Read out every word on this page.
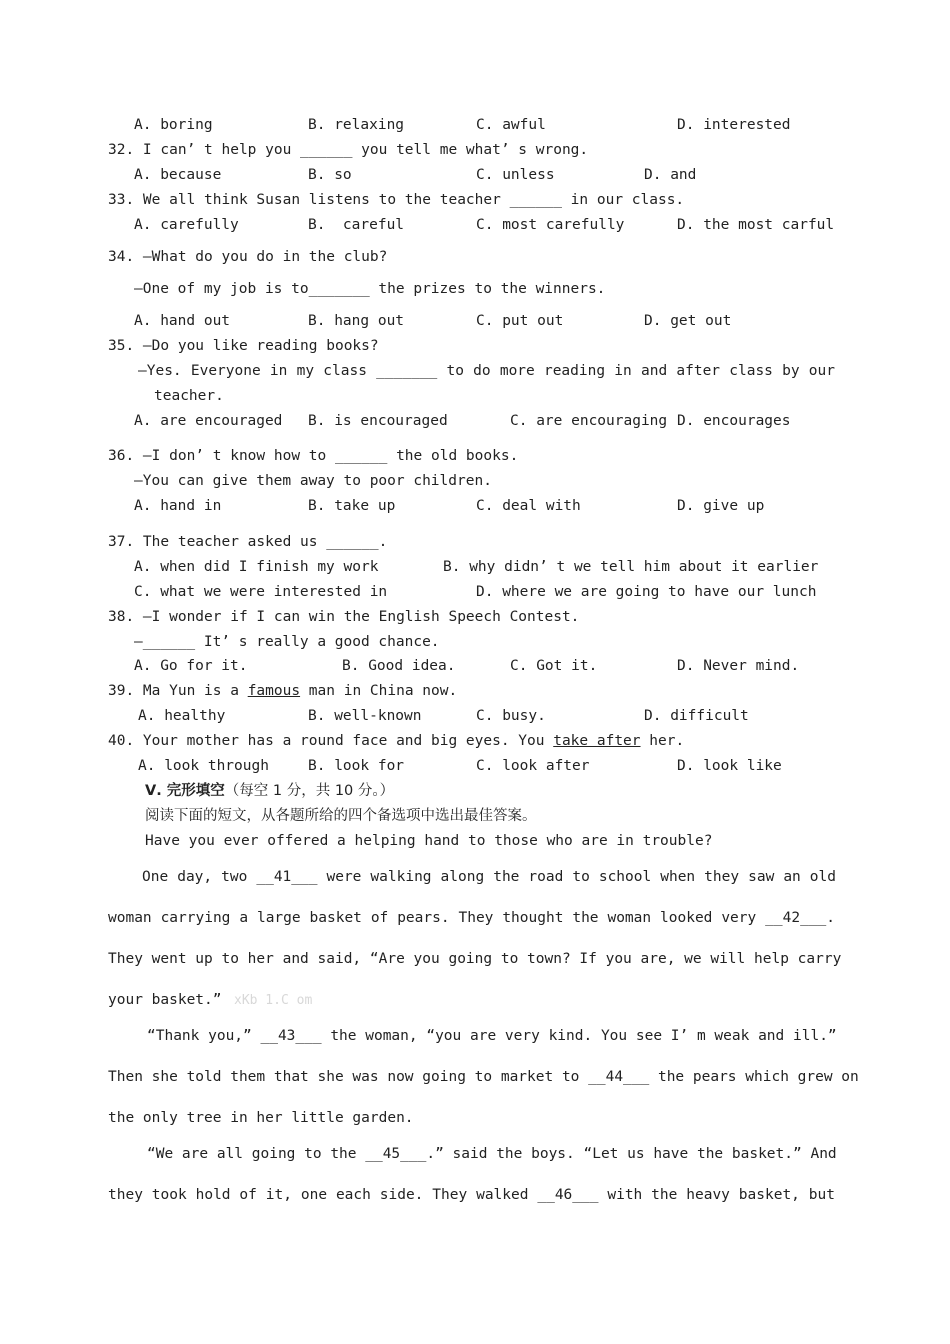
A. boring	B. relaxing	C. awful	D. interested
32. I can’ t help you ______ you tell me what’ s wrong.
A. because	B. so	C. unless	D. and
33. We all think Susan listens to the teacher ______ in our class.
A. carefully	B.  careful	C. most carefully	D. the most carful
34. —What do you do in the club?
—One of my job is to_______ the prizes to the winners.
A. hand out	B. hang out	C. put out	D. get out
35. —Do you like reading books?
—Yes. Everyone in my class _______ to do more reading in and after class by our
teacher.
A. are encouraged B. is encouraged	C. are encouraging D. encourages
36. —I don’ t know how to ______ the old books.
—You can give them away to poor children.
A. hand in	B. take up	C. deal with	D. give up
37. The teacher asked us ______.
A. when did I finish my work	B. why didn’ t we tell him about it earlier
C. what we were interested in	D. where we are going to have our lunch
38. —I wonder if I can win the English Speech Contest.
—______ It’ s really a good chance.
A. Go for it.	B. Good idea.	C. Got it.	D. Never mind.
39. Ma Yun is a famous man in China now.
A. healthy	B. well-known	C. busy.	D. difficult
40. Your mother has a round face and big eyes. You take after her.
A. look through	B. look for	C. look after	D. look like
Ⅴ. 完形填空（每空 1 分，共 10 分。）
阅读下面的短文，从各题所给的四个备选项中选出最佳答案。
Have you ever offered a helping hand to those who are in trouble?
One day, two __41___ were walking along the road to school when they saw an old
woman carrying a large basket of pears. They thought the woman looked very __42___.
They went up to her and said, “Are you going to town? If you are, we will help carry
your basket.” xKb 1.C om
“Thank you,” __43___ the woman, “you are very kind. You see I’ m weak and ill.”
Then she told them that she was now going to market to __44___ the pears which grew on
the only tree in her little garden.
“We are all going to the __45___.” said the boys. “Let us have the basket.” And
they took hold of it, one each side. They walked __46___ with the heavy basket, but
